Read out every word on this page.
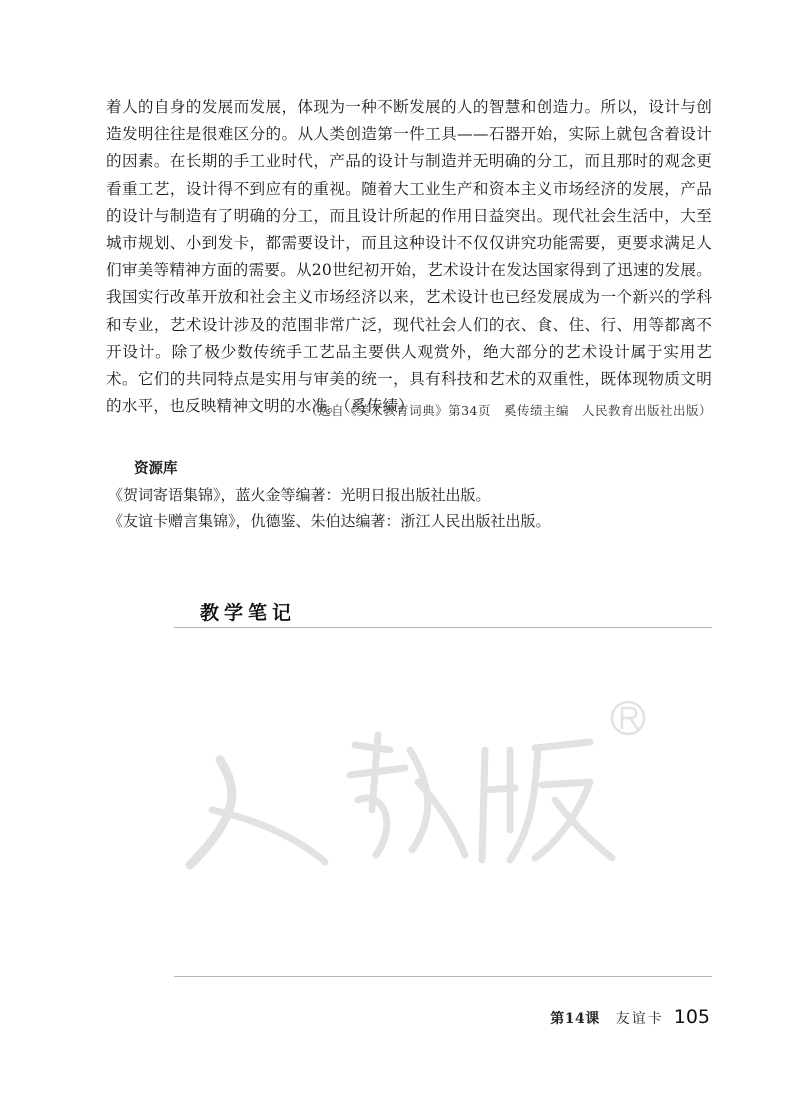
着人的自身的发展而发展，体现为一种不断发展的人的智慧和创造力。所以，设计与创造发明往往是很难区分的。从人类创造第一件工具——石器开始，实际上就包含着设计的因素。在长期的手工业时代，产品的设计与制造并无明确的分工，而且那时的观念更看重工艺，设计得不到应有的重视。随着大工业生产和资本主义市场经济的发展，产品的设计与制造有了明确的分工，而且设计所起的作用日益突出。现代社会生活中，大至城市规划、小到发卡，都需要设计，而且这种设计不仅仅讲究功能需要，更要求满足人们审美等精神方面的需要。从20世纪初开始，艺术设计在发达国家得到了迅速的发展。我国实行改革开放和社会主义市场经济以来，艺术设计也已经发展成为一个新兴的学科和专业，艺术设计涉及的范围非常广泛，现代社会人们的衣、食、住、行、用等都离不开设计。除了极少数传统手工艺品主要供人观赏外，绝大部分的艺术设计属于实用艺术。它们的共同特点是实用与审美的统一，具有科技和艺术的双重性，既体现物质文明的水平，也反映精神文明的水准。（奚传绩）

（选自《美术教育词典》第34页　奚传绩主编　人民教育出版社出版）
资源库
《贺词寄语集锦》，蓝火金等编著：光明日报出版社出版。
《友谊卡赠言集锦》，仇德鉴、朱伯达编著：浙江人民出版社出版。
教学笔记
第14课 友谊卡 105
